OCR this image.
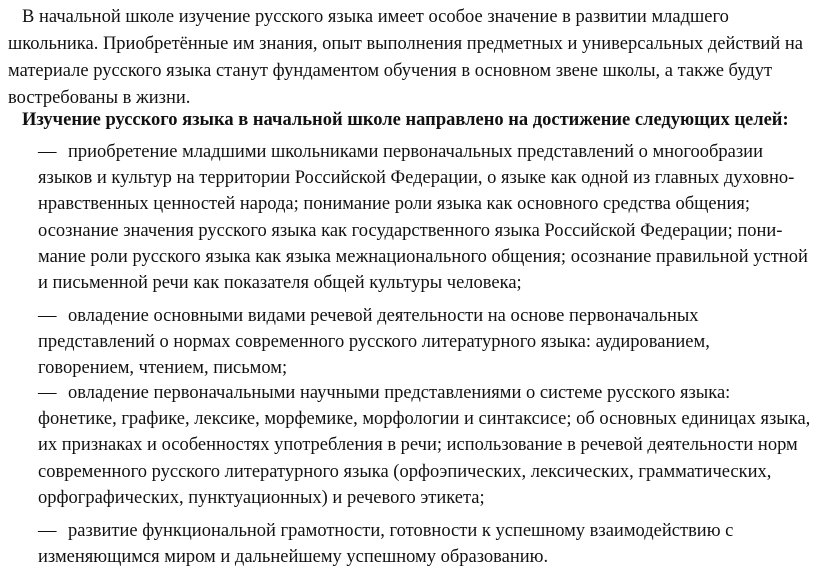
В начальной школе изучение русского языка имеет особое значение в развитии младшего
школьника. Приобретённые им знания, опыт выполнения предметных и универсальных действий на
материале русского языка станут фундаментом обучения в основном звене школы, а также будут
востребованы в жизни.
Изучение русского языка в начальной школе направлено на достижение следующих целей:
— приобретение младшими школьниками первоначальных представлений о многообразии
языков и культур на территории Российской Федерации, о языке как одной из главных духовно-
нравственных ценностей народа; понимание роли языка как основного средства общения;
осознание значения русского языка как государственного языка Российской Федерации; пони-
мание роли русского языка как языка межнационального общения; осознание правильной устной
и письменной речи как показателя общей культуры человека;
— овладение основными видами речевой деятельности на основе первоначальных
представлений о нормах современного русского литературного языка: аудированием,
говорением, чтением, письмом;
— овладение первоначальными научными представлениями о системе русского языка:
фонетике, графике, лексике, морфемике, морфологии и синтаксисе; об основных единицах языка,
их признаках и особенностях употребления в речи; использование в речевой деятельности норм
современного русского литературного языка (орфоэпических, лексических, грамматических,
орфографических, пунктуационных) и речевого этикета;
— развитие функциональной грамотности, готовности к успешному взаимодействию с
изменяющимся миром и дальнейшему успешному образованию.
